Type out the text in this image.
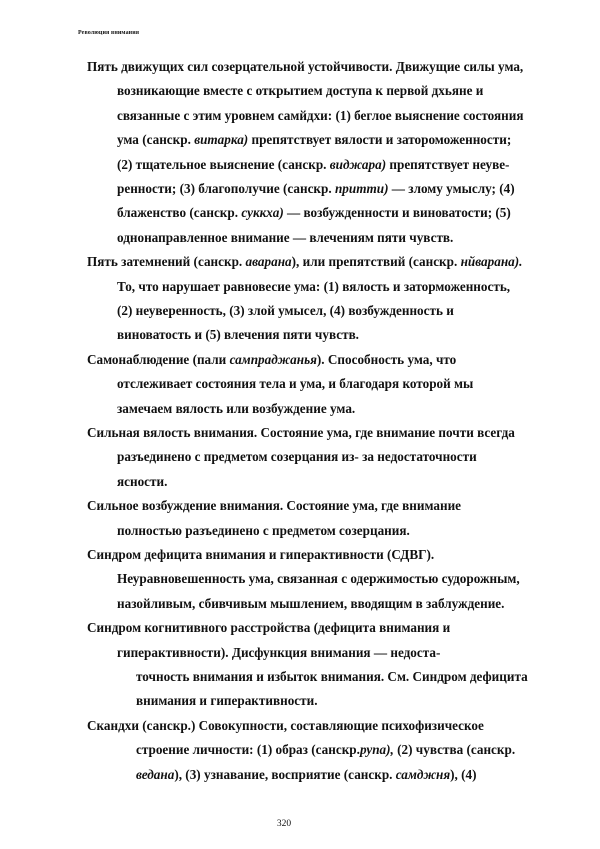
Революция внимания
Пять движущих сил созерцательной устойчивости. Движущие силы ума,
возникающие вместе с открытием доступа к первой дхьяне и
связанные с этим уровнем самйдхи: (1) беглое выяснение состояния
ума (санскр. витарка) препятствует вялости и затороможенности;
(2) тщательное выяснение (санскр. виджара) препятствует неуве-
ренности; (3) благополучие (санскр. притти) — злому умыслу; (4)
блаженство (санскр. суккха) — возбужденности и виноватости; (5)
однонаправленное внимание — влечениям пяти чувств.
Пять затемнений (санскр. аварана), или препятствий (санскр. нйварана).
То, что нарушает равновесие ума: (1) вялость и заторможенность,
(2) неуверенность, (3) злой умысел, (4) возбужденность и
виноватость и (5) влечения пяти чувств.
Самонаблюдение (пали сампраджанья). Способность ума, что
отслеживает состояния тела и ума, и благодаря которой мы
замечаем вялость или возбуждение ума.
Сильная вялость внимания. Состояние ума, где внимание почти всегда
разъединено с предметом созерцания из- за недостаточности
ясности.
Сильное возбуждение внимания. Состояние ума, где внимание
полностью разъединено с предметом созерцания.
Синдром дефицита внимания и гиперактивности (СДВГ).
Неуравновешенность ума, связанная с одержимостью судорожным,
назойливым, сбивчивым мышлением, вводящим в заблуждение.
Синдром когнитивного расстройства (дефицита внимания и
гиперактивности). Дисфункция внимания — недоста-
точность внимания и избыток внимания. См. Синдром дефицита
внимания и гиперактивности.
Скандхи (санскр.) Совокупности, составляющие психофизическое
строение личности: (1) образ (санскр.рупа), (2) чувства (санскр.
ведана), (3) узнавание, восприятие (санскр. самджня), (4)
320
